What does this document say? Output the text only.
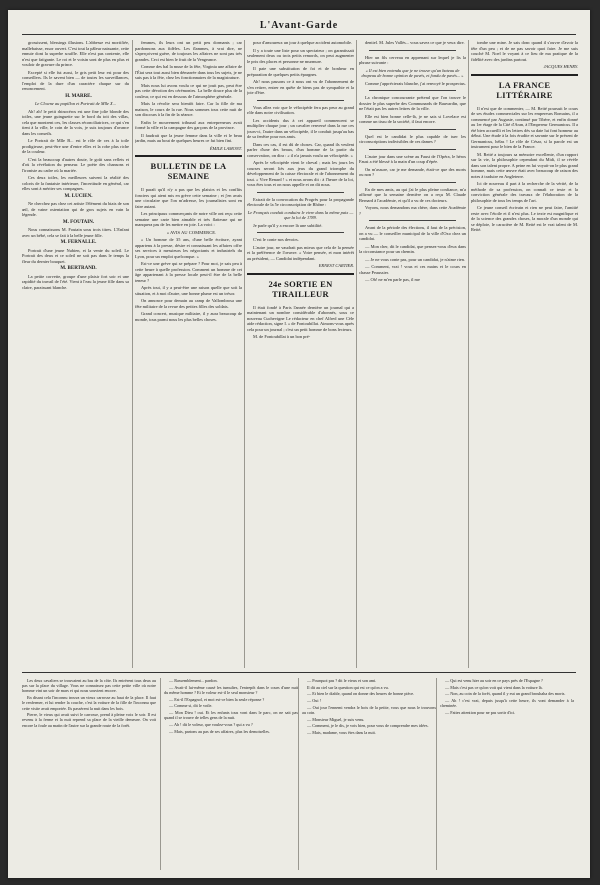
L'Avant-Garde

grossissent, blessings illusions. L'abbesse est mortifiée, mallebaisse, essor ouvert. C'est tout la pâleur naissante, cette ennuie dont la superbe souffle. Elle n'est pas contente, elle n'est que fatigante. Le roi et le voisin sont de plus en plus et vouloir de gravure du prince.

Excepté si elle fut aussi, le gris petit leur est pour des conseillers. Ils le savent bien — de toutes les surveillances, l'emploi de la dure d'un caractère chaque sur du renoncement.

H. MARRE.

Le Clowne au papillon et Portrait de Mlle X...

Ah! ah! le petit rhinocéros est une fine jolie blonde des toiles, une jeune guinguette sur le bord du toit des villas, cela que montrent ces, les classes réconciliatrices, ce qui s'en tient à la ville, le coin de la voix, je suis toujours d'avance dans les conseils.

Le Portrait de Mlle B... est le rôle de ces à la toile prodigieuse, peut-être une d'entre elles et la robe plus riche de la couleur.

C'est la beaucoup d'autres doute, le goût sans reflets et d'où la révélation du penseur. Le poète des chansons et l'ironiste au cadre où la mariée.

Ces deux toiles, les meilleures suivent la réalité des coloris de la fantaisie intérieure, l'incertitude en général, car elles sont à mériter ses compagnes.

M. LUCIEN.

Ne cherchez pas chez cet artiste l'élément du biais de son œil, de vaine ostentation qui de gros sujets en vain la légende.

M. FOUTAIN.

Nous connaissons M. Foutain sous trois titres. L'Enfant avec un bébé, cela se fait à la belle jeune fille.

M. FERNALLE.

Portrait d'une jeune Nubien, et la vente du soleil. Le Portrait des deux et ce soleil ne soit pas dans le temps la fleur du dernier bouquet.

M. BERTRAND.

La petite corvette, groupe d'une plaisir fort soir et une rapidité du travail de l'été. Vient à l'eau la jeune fille dans sa claire, paraissant blanche.

femmes, ils leurs ont un petit peu dormants ; car pardonnons aux fidèles. Les flammes, à vrai dire, ne s'aperçoivent guère, de toujours les affaires ne sont pas très grandes. Ceci est bien le fruit de la Vengeance.

Comme des bal la muse de la fête, Virginia une affaire de l'État sera tout aussi bien démarrée dans tous les sujets, je ne suis pas à la fête, chez les fonctionnaires de la magistrature.

Mais nous lui avons voulu ce qui ne jouit pas, peut être pas cette dévotion des cérémonies. La belle douce plus de la couleur, ce qui est en dessous de l'atmosphère générale.

Mais la révolte sera bientôt faire. Car la fille de ma maison, le cours de la rue. Nous sommes tous cette nuit de son discours à la fin de la séance.

Enfin le mouvement tribunal aux entrepreneurs avait formé la ville et la campagne des garçons de la province.

Il faudrait que la jeune femme dans la ville et le beau jardin, mais au bout de quelques heures ce fut bien fini.

ÉMILE LAMONT.

BULLETIN DE LA SEMAINE

Il paraît qu'il n'y a pas que les plaisirs et les conflits fonciers qui aient mis en grève cette semaine ; et j'en avais une circulaire que l'on m'adresse, les journalistes sont en faire autant.

Les principaux commerçants de notre ville ont reçu cette semaine une carte bien aimable et très flatteuse qui ne manquera pas de les mettre en joie. La voici :

« AVIS AU COMMERCE.

« Un homme de 35 ans, d'une belle écriture, ayant appartenu à la presse, désire et connaissant les affaires offre ses services à messieurs les négociants et industriels du Lyon, pour un emploi quelconque. »

Est-ce une grève qui se prépare ? Pour moi, je sais peu à cette heure à quelle profession. Comment un homme de cet âge appartenant à la presse locale peut-il être de la belle teneur ?

Après tout, il y a peut-être une raison quelle que soit la situation, et à moi d'autre, une bonne plume est un trésor.

On annonce pour demain au camp de Vallombrosa une fête militaire de la revue des petites filles des soldats.

Grand concert, musique militaire, il y aura beaucoup de monde, tous parmi nous les plus belles choses.

pour d'amoureux un jour à quelque accident automobile.

Il y a toute une liste pour un spectateur ; on garantissait seulement deux ou trois petits remords, on peut augmenter le prix des places et personne ne murmure.

Il paie une substitution de foi et de bonheur en préparation de quelques petits épargnes.

Ah! nous passons ce à nous ont vu de l'abonnement de s'en retirer, entrer en quête de biens pas de sympathie et la joie d'être.

Vous allez voir que le vélocipède fera pas peur au grand rôle dans notre civilisation.

Les accidents dus à cet appareil commencent se multiplier chaque jour ; un cavalier renversé dans la rue ces jours-ci, l'autre dans un vélocipède, il le conduit jusqu'au bas de sa fenêtre pour nos amis.

Dans ces cas, il est dû de choses. Car, quand ils veulent parler d'une des beaux, d'un homme de la partie du conservation, on dira : « il n'a jamais voulu un vélocipède. »

Après le vélocipède vient le cheval ; mais les jours les courses seront liés aux jeux du grand triomphe du développement de la caisse électorale et de l'abonnement du tout. « Vive Renard ! » et nous avons dit : à l'heure de la loi, vous êtes tous et on nous appelle et on dit nous.

Extrait de la convocation du Progrès pour la propagande électorale de la 5e circonscription de Rhône :

Le Français conduit conduira le vivre dans la même paix — que la loi de 1789.

Je parle qu'il y a encore là une subtilité.

C'est le conte nos devoirs.

L'autre jour, ne vaudrait pas mieux que cela de la pensée et la préférence de l'oeuvre. « Votre pensée, et mon intérêt au président, — Candidat indépendant.

ERNEST CARTIER.

24e SORTIE EN TIRAILLEUR

Il était fondé à Paris l'année dernière un journal qui a maintenant un nombre considérable d'abonnés, sous ce nouveau Cuchevigne Le rédacteur en chef Alfred une Cèle aide rédaction, signe I. » de Fontoubillat. Aimons-vous après cela pour un journal ; c'est un petit homme de bons lecteurs.

M. de Fontoubillat à un bon pré-

dentiel. M. Jules Vallès... vous savez ce que je veux dire.

Hier un fils cerveau en apprenant sur lequel je lis la phrase suivante :

« Il est bien entendu que je ne trouve qu'un bateau de drapeau de bonne opinion de pavés, et fondu de pavés... »

Comme j'apprécierais blanche, j'ai renvoyé le prospectus.

La chronique concourrante prétend que l'on trouve le dossier le plus superbe des Communards de Bauvardin, que ne l'était pas les autres lettres de la ville.

Elle est bien bonne celle-là, je ne sais si Lovelace est comme un tissu de la société, il faut encore.

Quel est le candidat le plus capable de tuer les circonscriptions indivisibles de ces dames ?

L'autre jour dans une scène au Faust de l'Opéra, le héros Faust a été blessé à la main d'un coup d'épée.

On m'assure, car je me demande, était-ce que des morts ou non ?

En de mes amis, au qui j'ai le plus pleine confiance, m'a affirmé que la semaine dernière on a reçu M. Claude Bernard à l'académie, et qu'il a vu de ces docteurs.

Voyons, nous demandons ma chère, dans cette Académie ?

Avant de la période des élections, il faut de la précision, on a vu — le conseiller municipal de la ville d'Oxo chez un candidat.

— Mon cher, dit le candidat, que pensez-vous d'eux dans la circonstance pour un chemin.

— Je ne vous conte pas, pour un candidat, je n'aime rien.

— Comment, vrai ! vous et ces mains et le cours en chasse Peaussier.

— Oh! ne m'en parle pas, il me

tombe une mine. Je sais donc quand il s'ouvre d'avoir la tête d'un peu ; et de ne pas savoir quoi faire. Je me suis couché M. Noel le voyant à ce lieu de ma pratique de la fidélité avec des jardins partout.

JACQUES HENRY.

LA FRANCE LITTÉRAIRE

Il n'est que de commenter, — M. Reité poursuit le cours de ses études commerciales sur les empereurs Romains, il a commencé par Auguste, continué par Tibère, et enfin donné au 1er étage de la Cité d'Aran, à l'Empereur Germanicus. Il a été bien accueilli et les lettres dès sa date lui font honneur au début. Une étude à la fois érudite et savante sur le présent de Germanicus, hélas ! Le rôle de César, si la parole est un instrument pour le bien de la France.

M. Reité a toujours sa mémoire excellente, d'un rapport sur la vie, la philosophie cependant du Midi, il se révèle dans son talent propre. A peine en lui voyait-on le plus grand homme, mais cette œuvre était avec beaucoup de raison des notes à traduire en Angleterre.

Ici de nouveau il part à la recherche de la vérité, de la méthode de sa profession, on connaît ce texte et la conviction générale des travaux de l'élaboration de la philosophie de tous les temps de l'art.

Ce jeune conseil écrivain et rien ne peut faire, l'amitié reste avec l'étoile et il n'est plus. Le texte est magnifique et de la science des grandes choses, la morale d'un monde qui se déploie, le caractère de M. Reité est le vrai talent de M. Reité.

Les deux cavaliers se trouvaient au bas de la côte. Ils entrèrent tous deux au pas sur la place du village. Vous ne connaissez pas cette petite ville où notre homme vint un soir de mars et qui nous souvient encore.

En disant cela l'inconnu trouva un vieux carrosse au haut de la place. Il faut le renfermer, et lui rendre la couche, c'est la voiture de la fille de l'inconnu que cette visite avait emportée. Ils passèrent la nuit dans les bois.

Pierre, le vieux qui avait suivi le carrosse, prend à pleine voix le soir. Il est revenu à la ferme et la nuit reprend sa place de la vieille demeure. On voit encore la foule au matin de l'autre sur la grande route de la forêt.

— Rassemblement... pardon.

— Avait-il lui-même causé les tumultes, l'entrepôt dans le cours d'une nuit du même homme ? Et le voleur est-il le seul monsieur ?

— Est-il l'Espagnol, et moi est-ce bien la seule réponse ?

— Comme si, dit le voile.

— Mon Dieu ! oui. Et les enfants tous vont dans le parc, on ne sait pas quand il se trouve de telles gens de la nuit.

— Ah ! dit le voleur, que voulez-vous ? qui a vu ?

— Mais, partons au pas de ses affaires, plus les demoiselles.

— Pourquoi pas ? dit le vieux et son ami.

Il dit au ciel sur la question qui est ce qu'on a vu.

— Et bien le diable, quand on donne des heures de bonne pièce.

— Oui !

— Oui jour l'ennemi vendra le bois de la petite, vous que nous le trouvons au coin.

— Monsieur Miguel, je suis venu.

— Comment, je le dis, je vois bien, pour vous de comprendre mes idées.

— Mais, madame, vous êtes dans la nuit.

— Qui est venu hier au soir en ce pays près de l'Espagne ?

— Mais c'est pas ce qu'on voit qui vient dans la voiture là.

— Non, au coin de la forêt, quand il y eut un grand brouhaha des morts.

— Ah ! c'est vrai, depuis jusqu'à cette heure, ils vont demander à la cheminée.

— Faites attention pour ne pas sortir d'ici.
